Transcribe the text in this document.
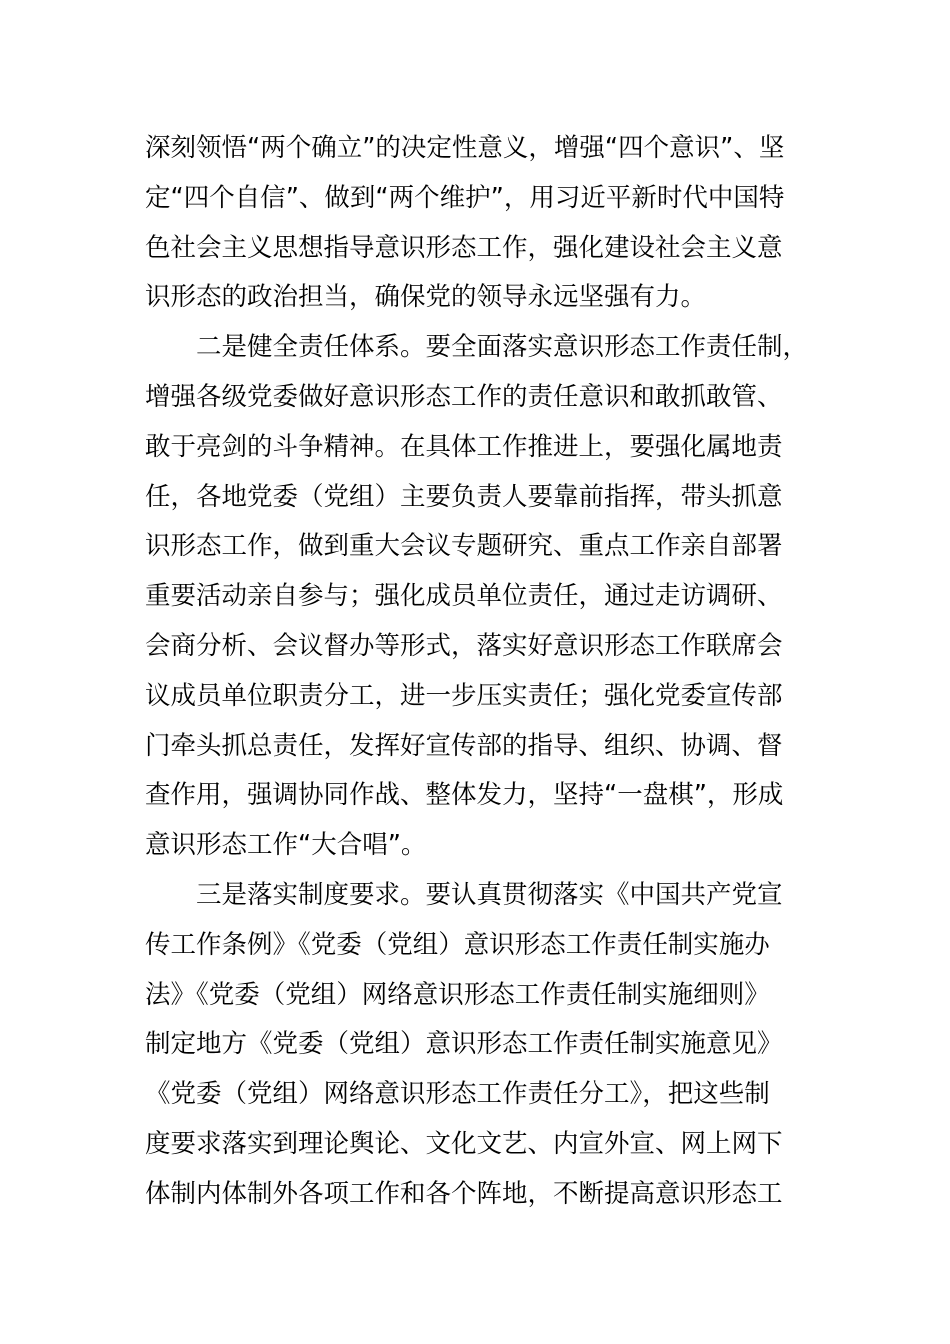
深刻领悟“两个确立”的决定性意义，增强“四个意识”、坚
定“四个自信”、做到“两个维护”，用习近平新时代中国特
色社会主义思想指导意识形态工作，强化建设社会主义意
识形态的政治担当，确保党的领导永远坚强有力。
　　二是健全责任体系。要全面落实意识形态工作责任制，
增强各级党委做好意识形态工作的责任意识和敢抓敢管、
敢于亮剑的斗争精神。在具体工作推进上，要强化属地责
任，各地党委（党组）主要负责人要靠前指挥，带头抓意
识形态工作，做到重大会议专题研究、重点工作亲自部署
重要活动亲自参与；强化成员单位责任，通过走访调研、
会商分析、会议督办等形式，落实好意识形态工作联席会
议成员单位职责分工，进一步压实责任；强化党委宣传部
门牵头抓总责任，发挥好宣传部的指导、组织、协调、督
查作用，强调协同作战、整体发力，坚持“一盘棋”，形成
意识形态工作“大合唱”。
　　三是落实制度要求。要认真贯彻落实《中国共产党宣
传工作条例》《党委（党组）意识形态工作责任制实施办
法》《党委（党组）网络意识形态工作责任制实施细则》
制定地方《党委（党组）意识形态工作责任制实施意见》
《党委（党组）网络意识形态工作责任分工》，把这些制
度要求落实到理论舆论、文化文艺、内宣外宣、网上网下
体制内体制外各项工作和各个阵地，不断提高意识形态工
